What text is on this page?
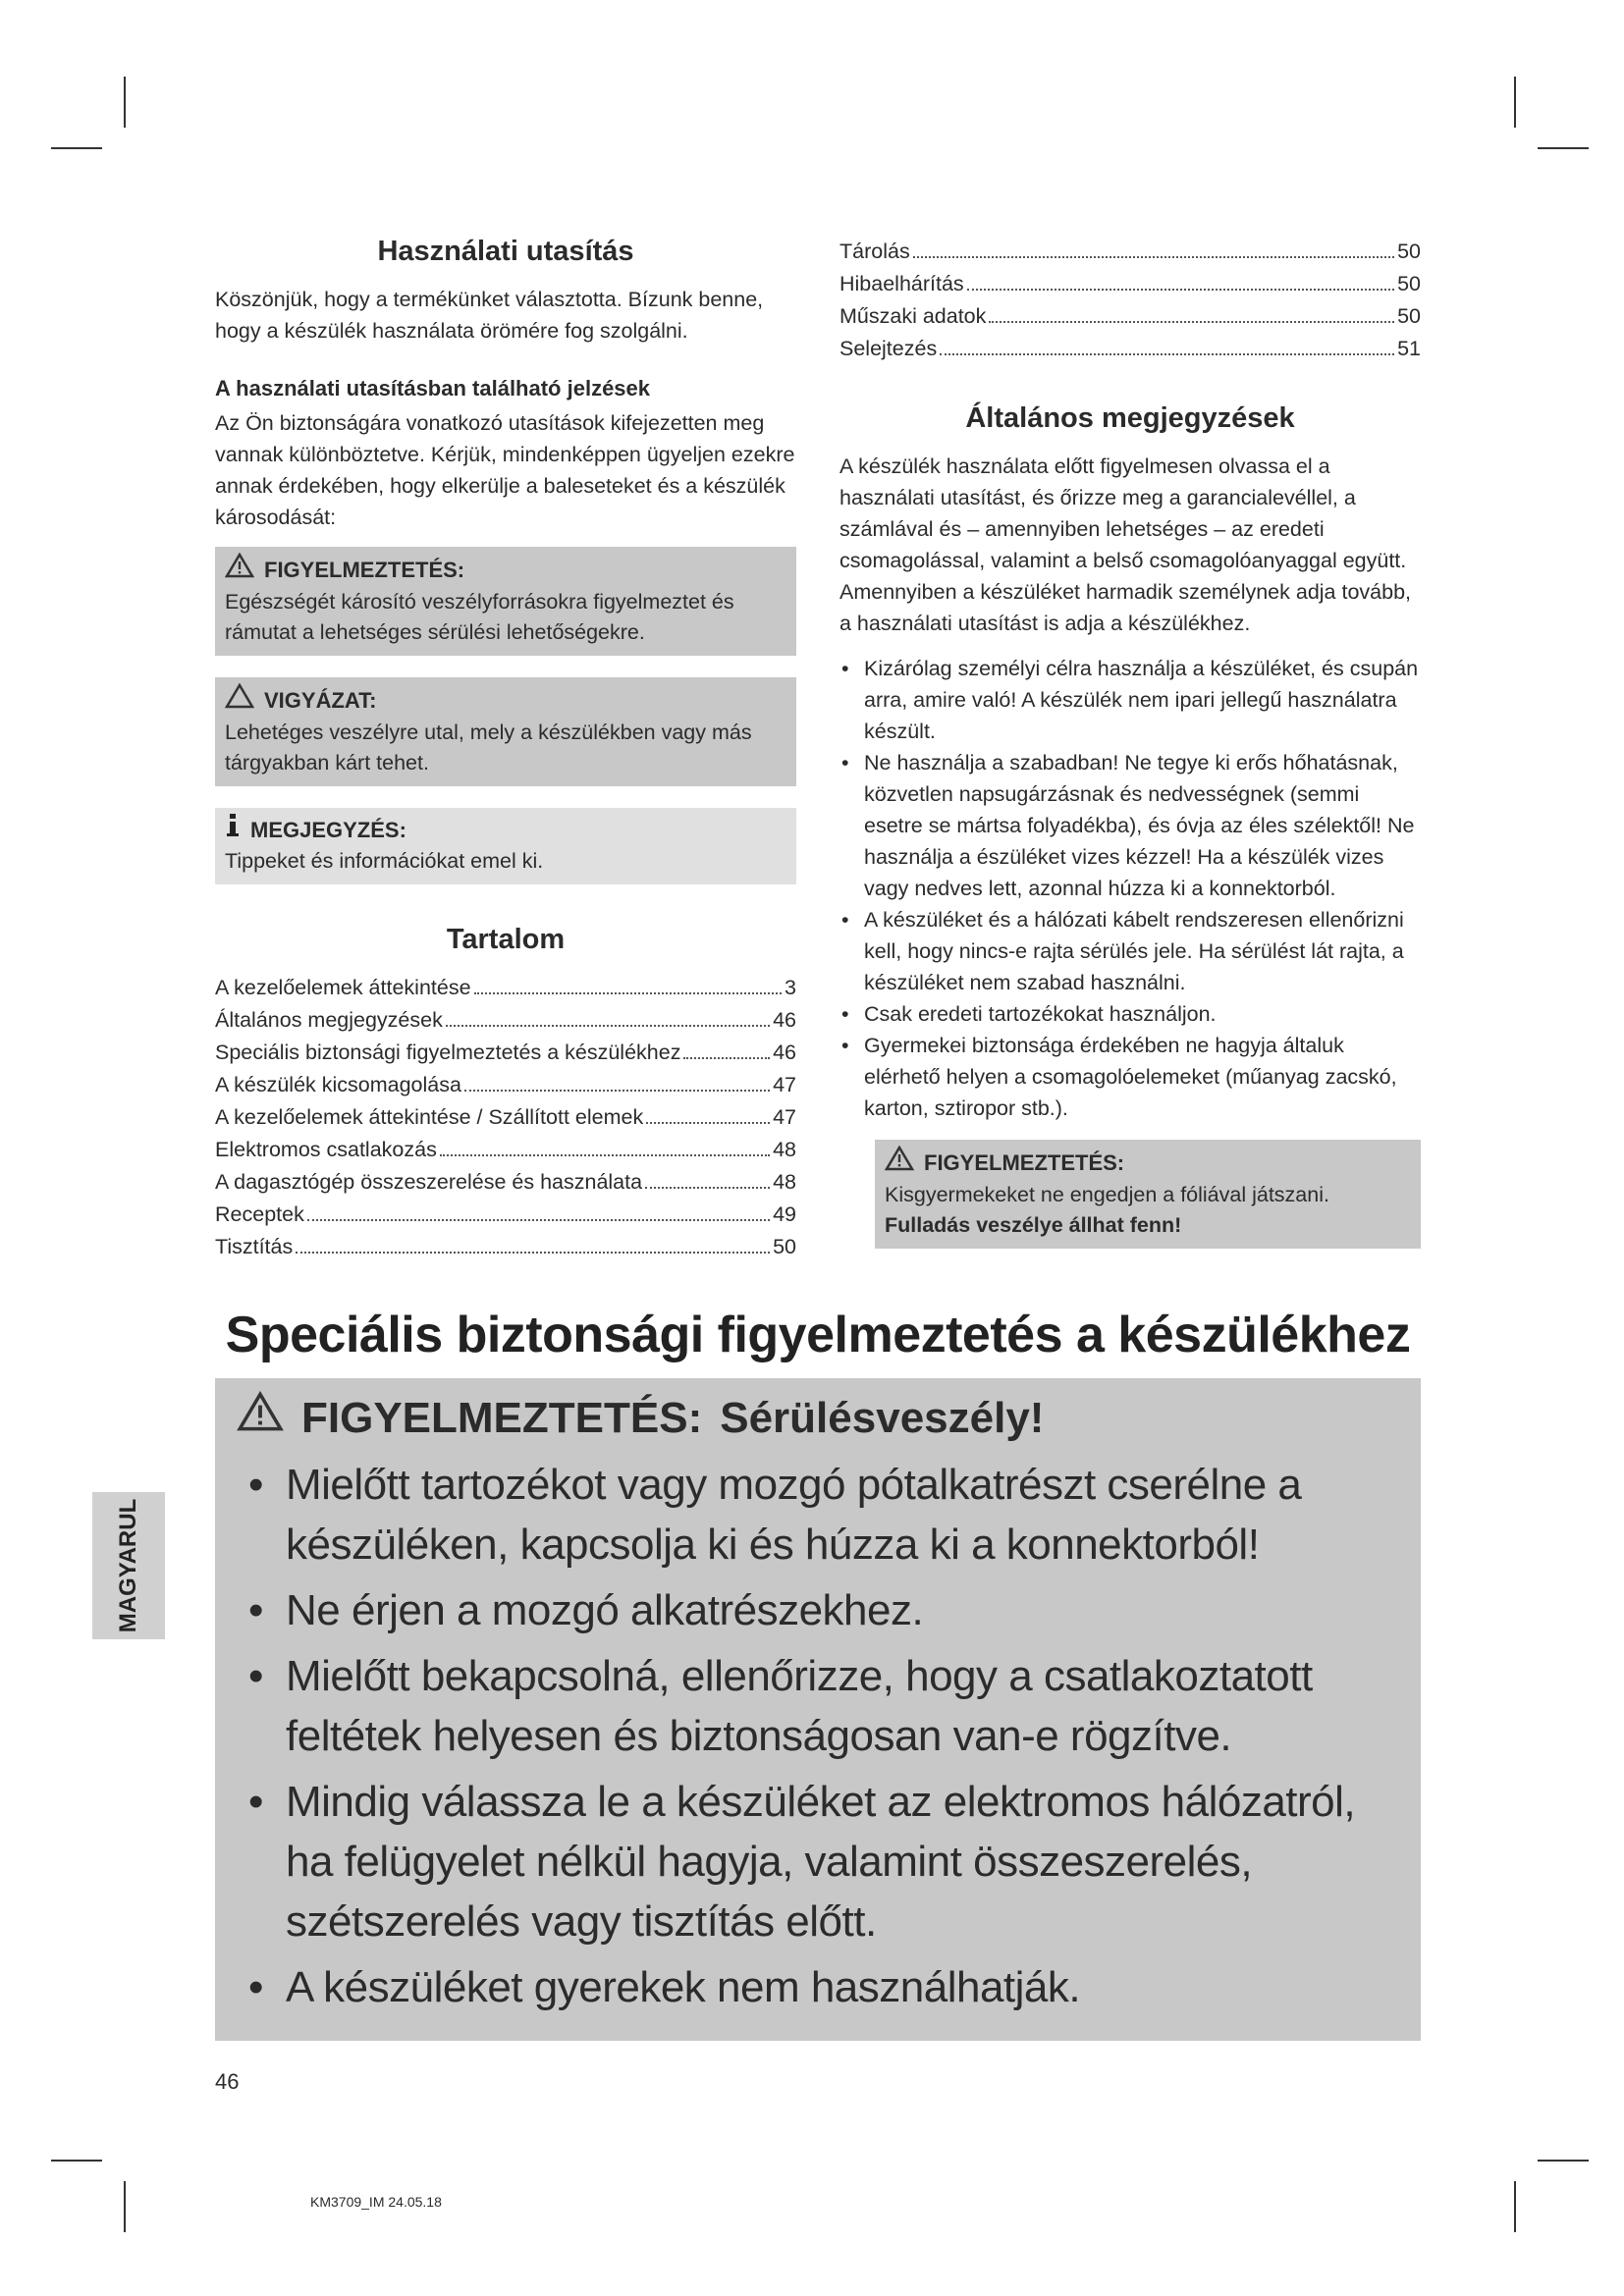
Használati utasítás

Köszönjük, hogy a termékünket választotta. Bízunk benne, hogy a készülék használata örömére fog szolgálni.

A használati utasításban található jelzések

Az Ön biztonságára vonatkozó utasítások kifejezetten meg vannak különböztetve. Kérjük, mindenképpen ügyeljen ezekre annak érdekében, hogy elkerülje a baleseteket és a készülék károsodását:

FIGYELMEZTETÉS:

Egészségét károsító veszélyforrásokra figyelmeztet és rámutat a lehetséges sérülési lehetőségekre.

VIGYÁZAT:

Lehetéges veszélyre utal, mely a készülékben vagy más tárgyakban kárt tehet.

MEGJEGYZÉS:

Tippeket és információkat emel ki.

Tartalom
A kezelőelemek áttekintése	3
Általános megjegyzések	46
Speciális biztonsági figyelmeztetés a készülékhez	46
A készülék kicsomagolása	47
A kezelőelemek áttekintése / Szállított elemek	47
Elektromos csatlakozás	48
A dagasztógép összeszerelése és használata	48
Receptek	49
Tisztítás	50
Tárolás	50
Hibaelhárítás	50
Műszaki adatok	50
Selejtezés	51
Általános megjegyzések

A készülék használata előtt figyelmesen olvassa el a használati utasítást, és őrizze meg a garancialevéllel, a számlával és – amennyiben lehetséges – az eredeti csomagolással, valamint a belső csomagolóanyaggal együtt. Amennyiben a készüléket harmadik személynek adja tovább, a használati utasítást is adja a készülékhez.

• Kizárólag személyi célra használja a készüléket, és csupán arra, amire való! A készülék nem ipari jellegű használatra készült.
• Ne használja a szabadban! Ne tegye ki erős hőhatásnak, közvetlen napsugárzásnak és nedvességnek (semmi esetre se mártsa folyadékba), és óvja az éles szélektől! Ne használja a észüléket vizes kézzel! Ha a készülék vizes vagy nedves lett, azonnal húzza ki a konnektorból.
• A készüléket és a hálózati kábelt rendszeresen ellenőrizni kell, hogy nincs-e rajta sérülés jele. Ha sérülést lát rajta, a készüléket nem szabad használni.
• Csak eredeti tartozékokat használjon.
• Gyermekei biztonsága érdekében ne hagyja általuk elérhető helyen a csomagolóelemeket (műanyag zacskó, karton, sztiropor stb.).
FIGYELMEZTETÉS:

Kisgyermekeket ne engedjen a fóliával játszani. Fulladás veszélye állhat fenn!

Speciális biztonsági figyelmeztetés a készülékhez
FIGYELMEZTETÉS: Sérülésveszély!
• Mielőtt tartozékot vagy mozgó pótalkatrészt cserélne a készüléken, kapcsolja ki és húzza ki a konnektorból!
• Ne érjen a mozgó alkatrészekhez.
• Mielőtt bekapcsolná, ellenőrizze, hogy a csatlakoztatott feltétek helyesen és biztonságosan van-e rögzítve.
• Mindig válassza le a készüléket az elektromos hálózatról, ha felügyelet nélkül hagyja, valamint összeszerelés, szétszerelés vagy tisztítás előtt.
• A készüléket gyerekek nem használhatják.
MAGYARUL
46
KM3709_IM 24.05.18
